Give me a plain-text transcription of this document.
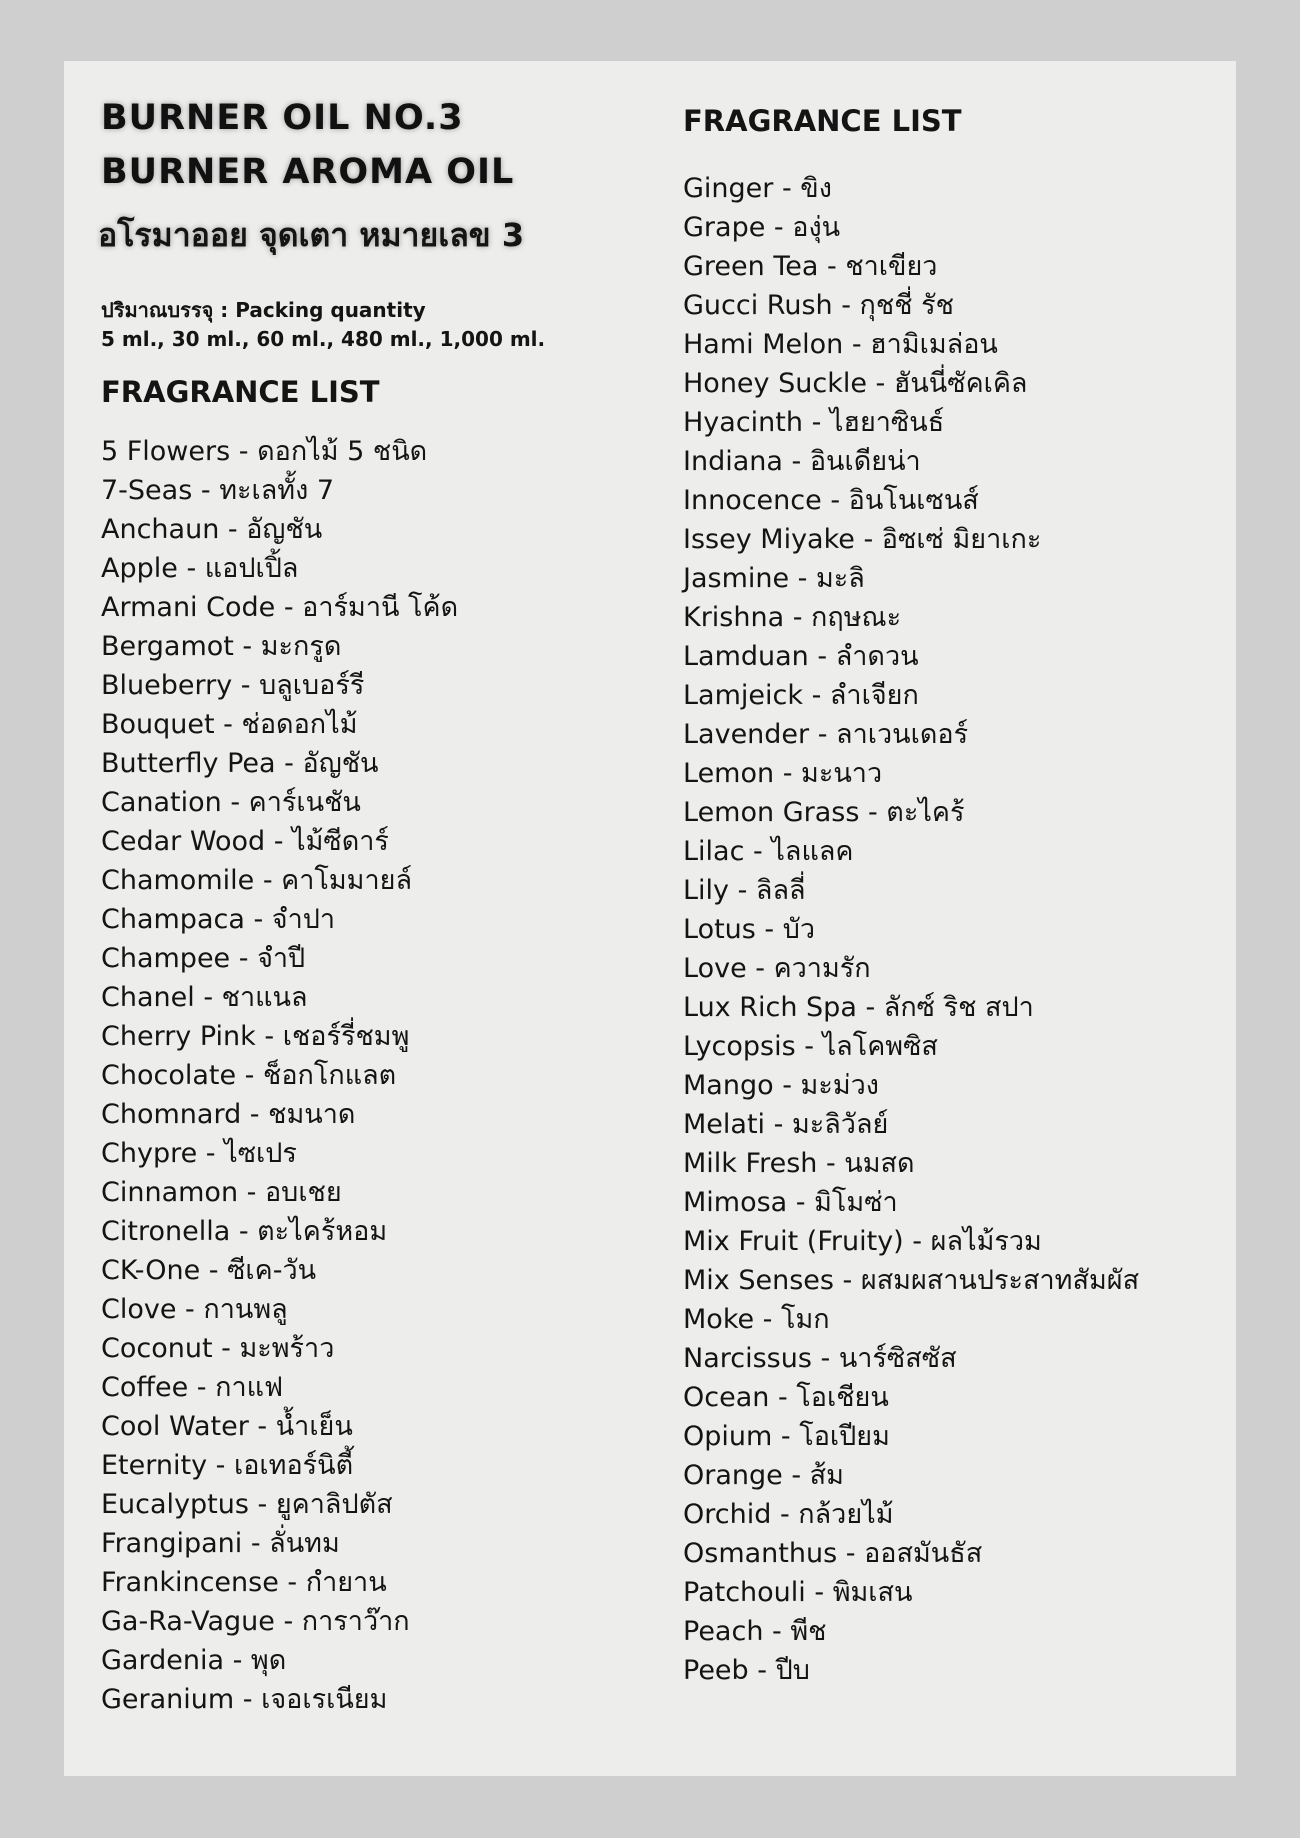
BURNER OIL NO.3
BURNER AROMA OIL
อโรมาออย จุดเตา หมายเลข 3
ปริมาณบรรจุ : Packing quantity
5 ml., 30 ml., 60 ml., 480 ml., 1,000 ml.
FRAGRANCE LIST
5 Flowers - ดอกไม้ 5 ชนิด
7-Seas - ทะเลทั้ง 7
Anchaun - อัญชัน
Apple - แอปเปิ้ล
Armani Code - อาร์มานี โค้ด
Bergamot - มะกรูด
Blueberry - บลูเบอร์รี
Bouquet - ช่อดอกไม้
Butterfly Pea - อัญชัน
Canation - คาร์เนชัน
Cedar Wood - ไม้ซีดาร์
Chamomile - คาโมมายล์
Champaca - จำปา
Champee - จำปี
Chanel - ชาแนล
Cherry Pink - เชอร์รี่ชมพู
Chocolate - ช็อกโกแลต
Chomnard - ชมนาด
Chypre - ไซเปร
Cinnamon - อบเชย
Citronella - ตะไคร้หอม
CK-One - ซีเค-วัน
Clove - กานพลู
Coconut - มะพร้าว
Coffee - กาแฟ
Cool Water - น้ำเย็น
Eternity - เอเทอร์นิตี้
Eucalyptus - ยูคาลิปตัส
Frangipani - ลั่นทม
Frankincense - กำยาน
Ga-Ra-Vague - การาว๊าก
Gardenia - พุด
Geranium - เจอเรเนียม
FRAGRANCE LIST
Ginger - ขิง
Grape - องุ่น
Green Tea - ชาเขียว
Gucci Rush - กุชชี่ รัช
Hami Melon - ฮามิเมล่อน
Honey Suckle - ฮันนี่ซัคเคิล
Hyacinth - ไฮยาซินธ์
Indiana - อินเดียน่า
Innocence - อินโนเซนส์
Issey Miyake - อิซเซ่ มิยาเกะ
Jasmine - มะลิ
Krishna - กฤษณะ
Lamduan - ลำดวน
Lamjeick - ลำเจียก
Lavender - ลาเวนเดอร์
Lemon - มะนาว
Lemon Grass - ตะไคร้
Lilac - ไลแลค
Lily - ลิลลี่
Lotus - บัว
Love - ความรัก
Lux Rich Spa - ลักซ์ ริช สปา
Lycopsis - ไลโคพซิส
Mango - มะม่วง
Melati - มะลิวัลย์
Milk Fresh - นมสด
Mimosa - มิโมซ่า
Mix Fruit (Fruity) - ผลไม้รวม
Mix Senses - ผสมผสานประสาทสัมผัส
Moke - โมก
Narcissus - นาร์ซิสซัส
Ocean - โอเชียน
Opium - โอเปียม
Orange - ส้ม
Orchid - กล้วยไม้
Osmanthus - ออสมันธัส
Patchouli - พิมเสน
Peach - พีช
Peeb - ปีบ
